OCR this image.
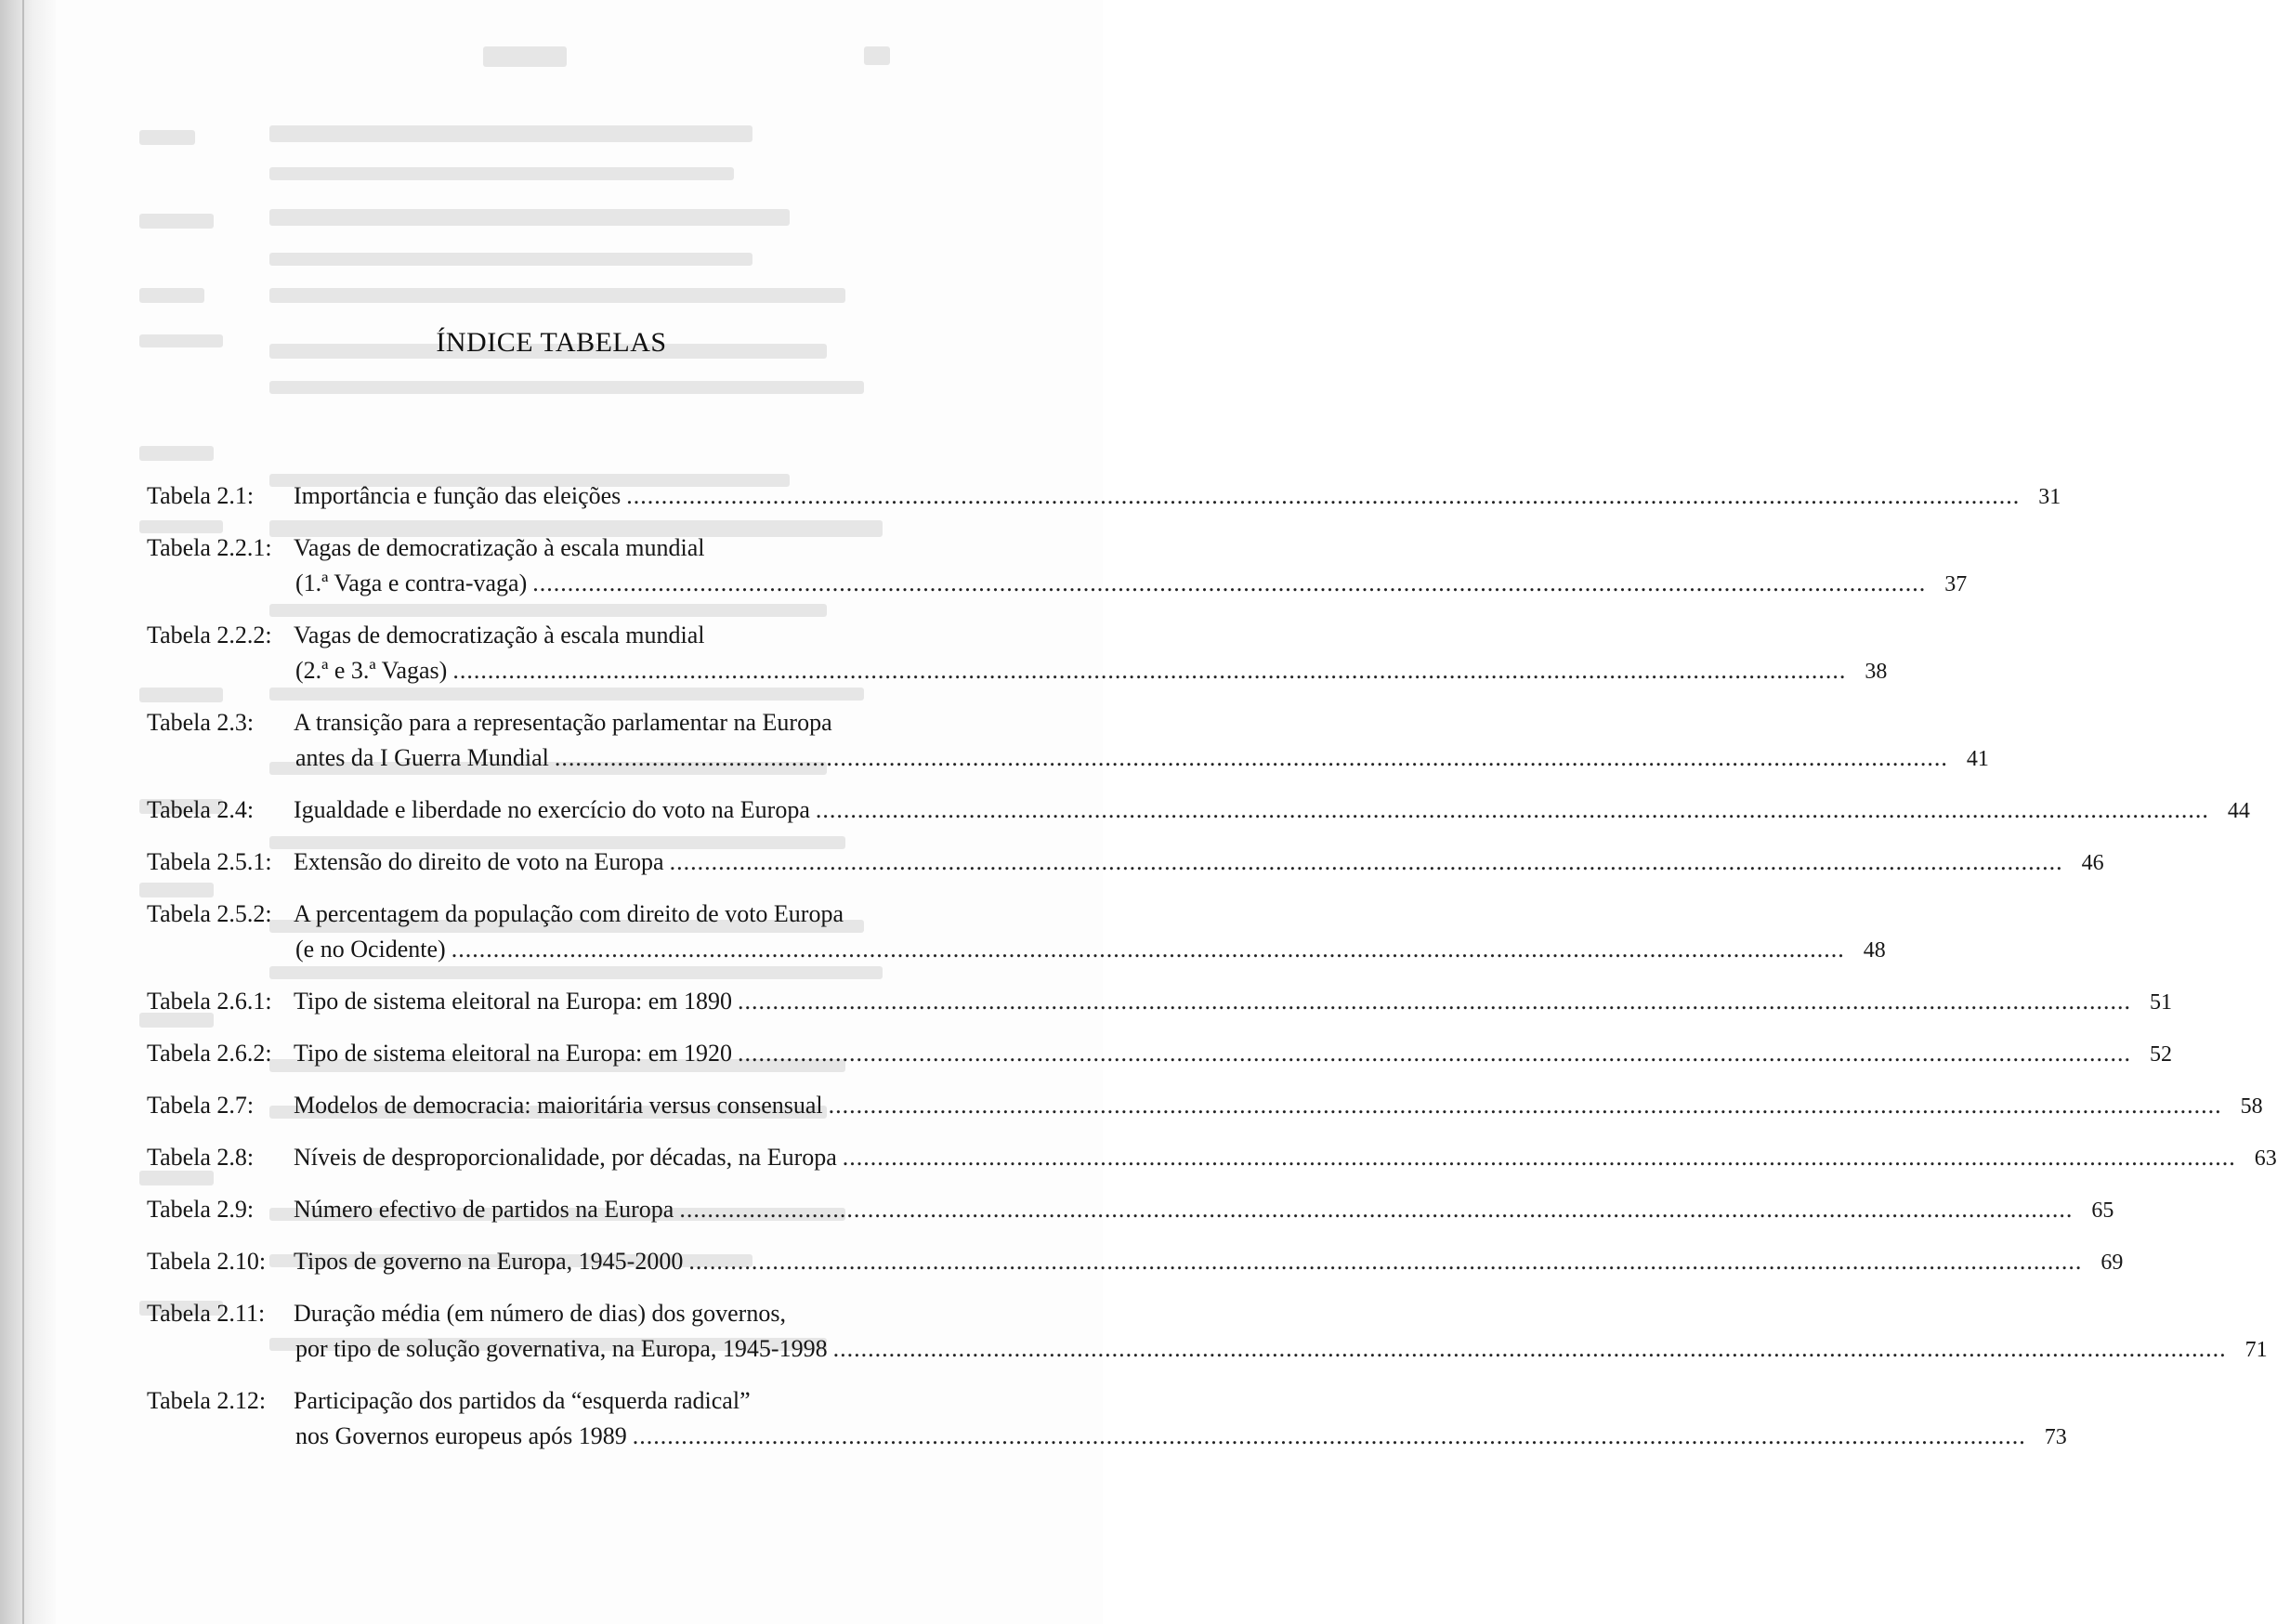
ÍNDICE TABELAS
Tabela 2.1: Importância e função das eleições ........................................................................................................................................................................................................ 31
Tabela 2.2.1: Vagas de democratização à escala mundial
(1.ª Vaga e contra-vaga) ........................................................................................................................................................................................................ 37
Tabela 2.2.2: Vagas de democratização à escala mundial
(2.ª e 3.ª Vagas) ........................................................................................................................................................................................................ 38
Tabela 2.3: A transição para a representação parlamentar na Europa
antes da I Guerra Mundial ........................................................................................................................................................................................................ 41
Tabela 2.4: Igualdade e liberdade no exercício do voto na Europa ........................................................................................................................................................................................................ 44
Tabela 2.5.1: Extensão do direito de voto na Europa ........................................................................................................................................................................................................ 46
Tabela 2.5.2: A percentagem da população com direito de voto Europa
(e no Ocidente) ........................................................................................................................................................................................................ 48
Tabela 2.6.1: Tipo de sistema eleitoral na Europa: em 1890 ........................................................................................................................................................................................................ 51
Tabela 2.6.2: Tipo de sistema eleitoral na Europa: em 1920 ........................................................................................................................................................................................................ 52
Tabela 2.7: Modelos de democracia: maioritária versus consensual ........................................................................................................................................................................................................ 58
Tabela 2.8: Níveis de desproporcionalidade, por décadas, na Europa ........................................................................................................................................................................................................ 63
Tabela 2.9: Número efectivo de partidos na Europa ........................................................................................................................................................................................................ 65
Tabela 2.10: Tipos de governo na Europa, 1945-2000 ........................................................................................................................................................................................................ 69
Tabela 2.11: Duração média (em número de dias) dos governos,
por tipo de solução governativa, na Europa, 1945-1998 ........................................................................................................................................................................................................ 71
Tabela 2.12: Participação dos partidos da “esquerda radical”
nos Governos europeus após 1989 ........................................................................................................................................................................................................ 73
